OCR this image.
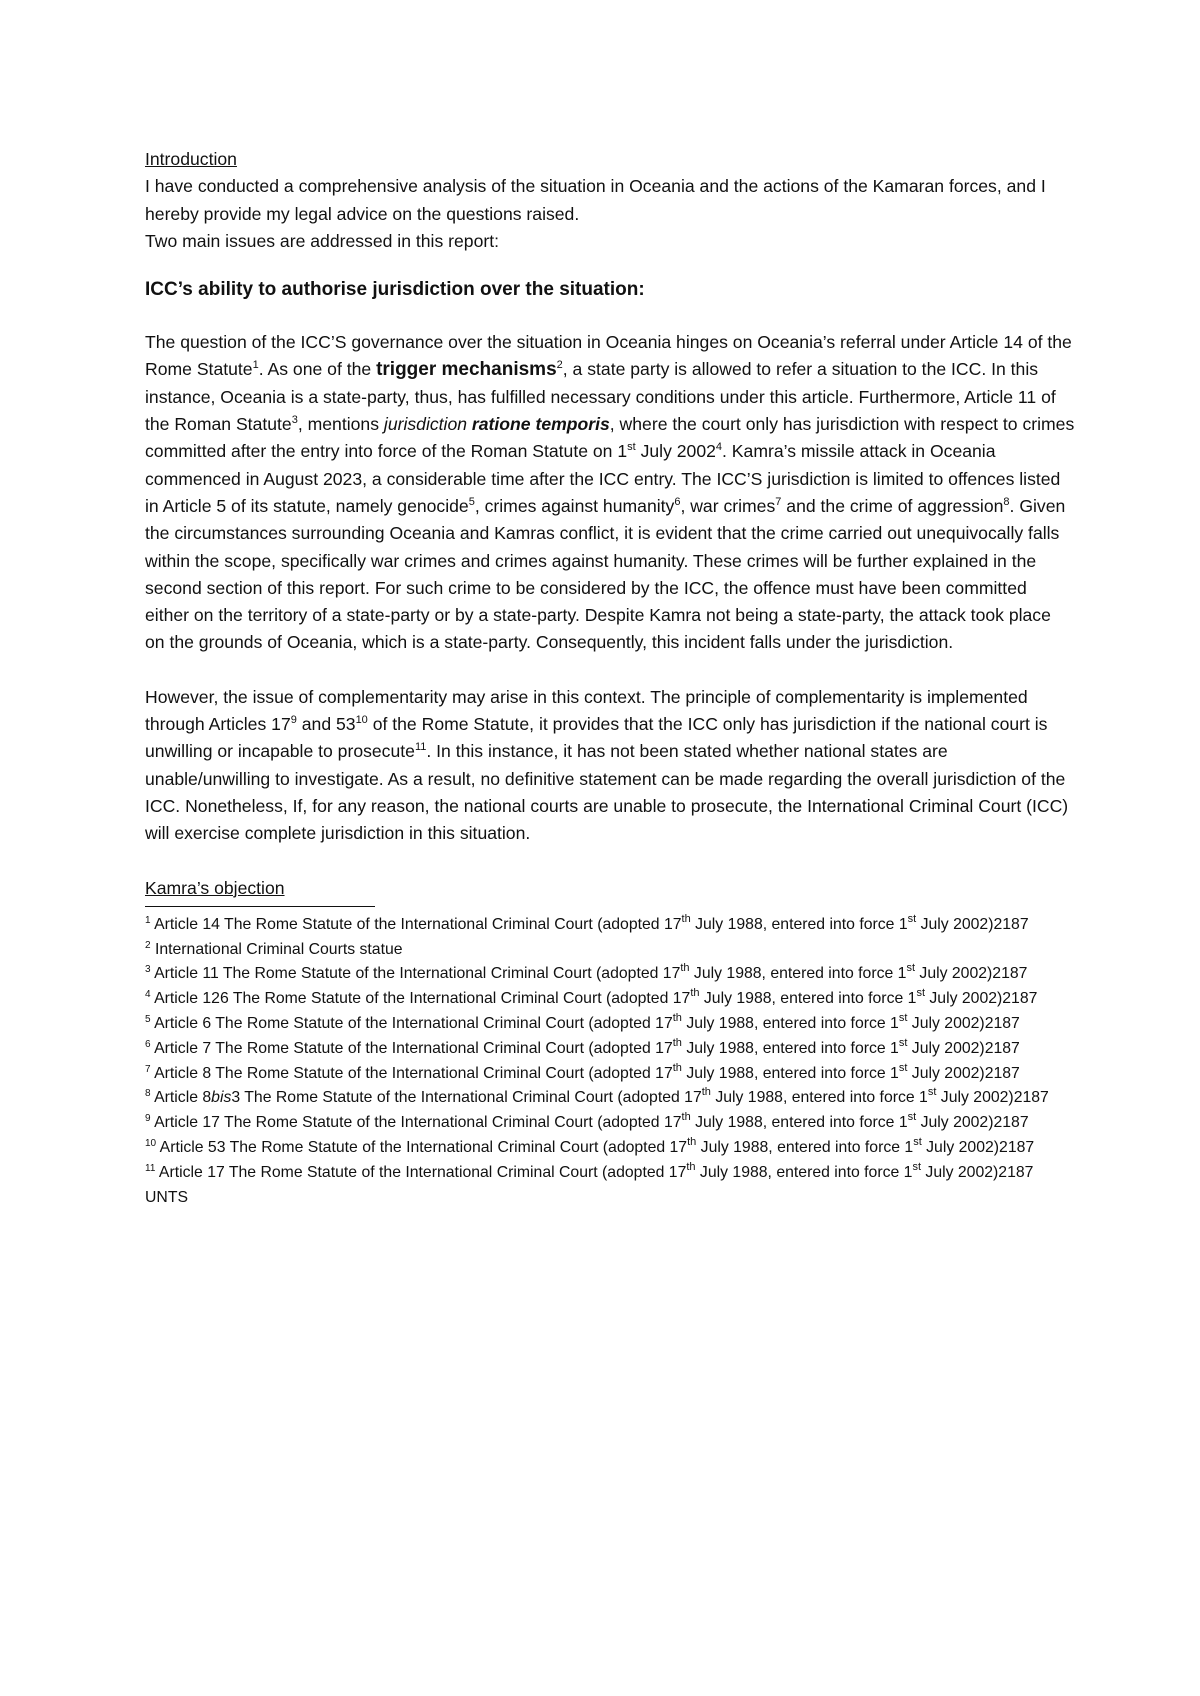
Introduction

I have conducted a comprehensive analysis of the situation in Oceania and the actions of the Kamaran forces, and I hereby provide my legal advice on the questions raised.
Two main issues are addressed in this report:

ICC’s ability to authorise jurisdiction over the situation:

The question of the ICC’S governance over the situation in Oceania hinges on Oceania’s referral under Article 14 of the Rome Statute$^1$. As one of the trigger mechanisms$^2$, a state party is allowed to refer a situation to the ICC. In this instance, Oceania is a state-party, thus, has fulfilled necessary conditions under this article. Furthermore, Article 11 of the Roman Statute$^3$, mentions jurisdiction ratione temporis, where the court only has jurisdiction with respect to crimes committed after the entry into force of the Roman Statute on 1st July 2002$^4$. Kamra’s missile attack in Oceania commenced in August 2023, a considerable time after the ICC entry. The ICC’S jurisdiction is limited to offences listed in Article 5 of its statute, namely genocide$^5$, crimes against humanity$^6$, war crimes$^7$ and the crime of aggression$^8$. Given the circumstances surrounding Oceania and Kamras conflict, it is evident that the crime carried out unequivocally falls within the scope, specifically war crimes and crimes against humanity. These crimes will be further explained in the second section of this report. For such crime to be considered by the ICC, the offence must have been committed either on the territory of a state-party or by a state-party. Despite Kamra not being a state-party, the attack took place on the grounds of Oceania, which is a state-party. Consequently, this incident falls under the jurisdiction.

However, the issue of complementarity may arise in this context. The principle of complementarity is implemented through Articles $17^9$ and $53^{10}$ of the Rome Statute, it provides that the ICC only has jurisdiction if the national court is unwilling or incapable to prosecute$^{11}$. In this instance, it has not been stated whether national states are unable/unwilling to investigate. As a result, no definitive statement can be made regarding the overall jurisdiction of the ICC. Nonetheless, If, for any reason, the national courts are unable to prosecute, the International Criminal Court (ICC) will exercise complete jurisdiction in this situation.

Kamra’s objection

$^1$ Article 14 The Rome Statute of the International Criminal Court (adopted 17th July 1988, entered into force 1st July 2002)2187

$^2$ International Criminal Courts statue

$^3$ Article 11 The Rome Statute of the International Criminal Court (adopted 17th July 1988, entered into force 1st July 2002)2187

$^4$ Article 126 The Rome Statute of the International Criminal Court (adopted 17th July 1988, entered into force 1st July 2002)2187

$^5$ Article 6 The Rome Statute of the International Criminal Court (adopted 17th July 1988, entered into force 1st July 2002)2187

$^6$ Article 7 The Rome Statute of the International Criminal Court (adopted 17th July 1988, entered into force 1st July 2002)2187

$^7$ Article 8 The Rome Statute of the International Criminal Court (adopted 17th July 1988, entered into force 1st July 2002)2187

$^8$ Article 8bis3 The Rome Statute of the International Criminal Court (adopted 17th July 1988, entered into force 1st July 2002)2187

$^9$ Article 17 The Rome Statute of the International Criminal Court (adopted 17th July 1988, entered into force 1st July 2002)2187

$^{10}$ Article 53 The Rome Statute of the International Criminal Court (adopted 17th July 1988, entered into force 1st July 2002)2187

$^{11}$ Article 17 The Rome Statute of the International Criminal Court (adopted 17th July 1988, entered into force 1st July 2002)2187 UNTS
